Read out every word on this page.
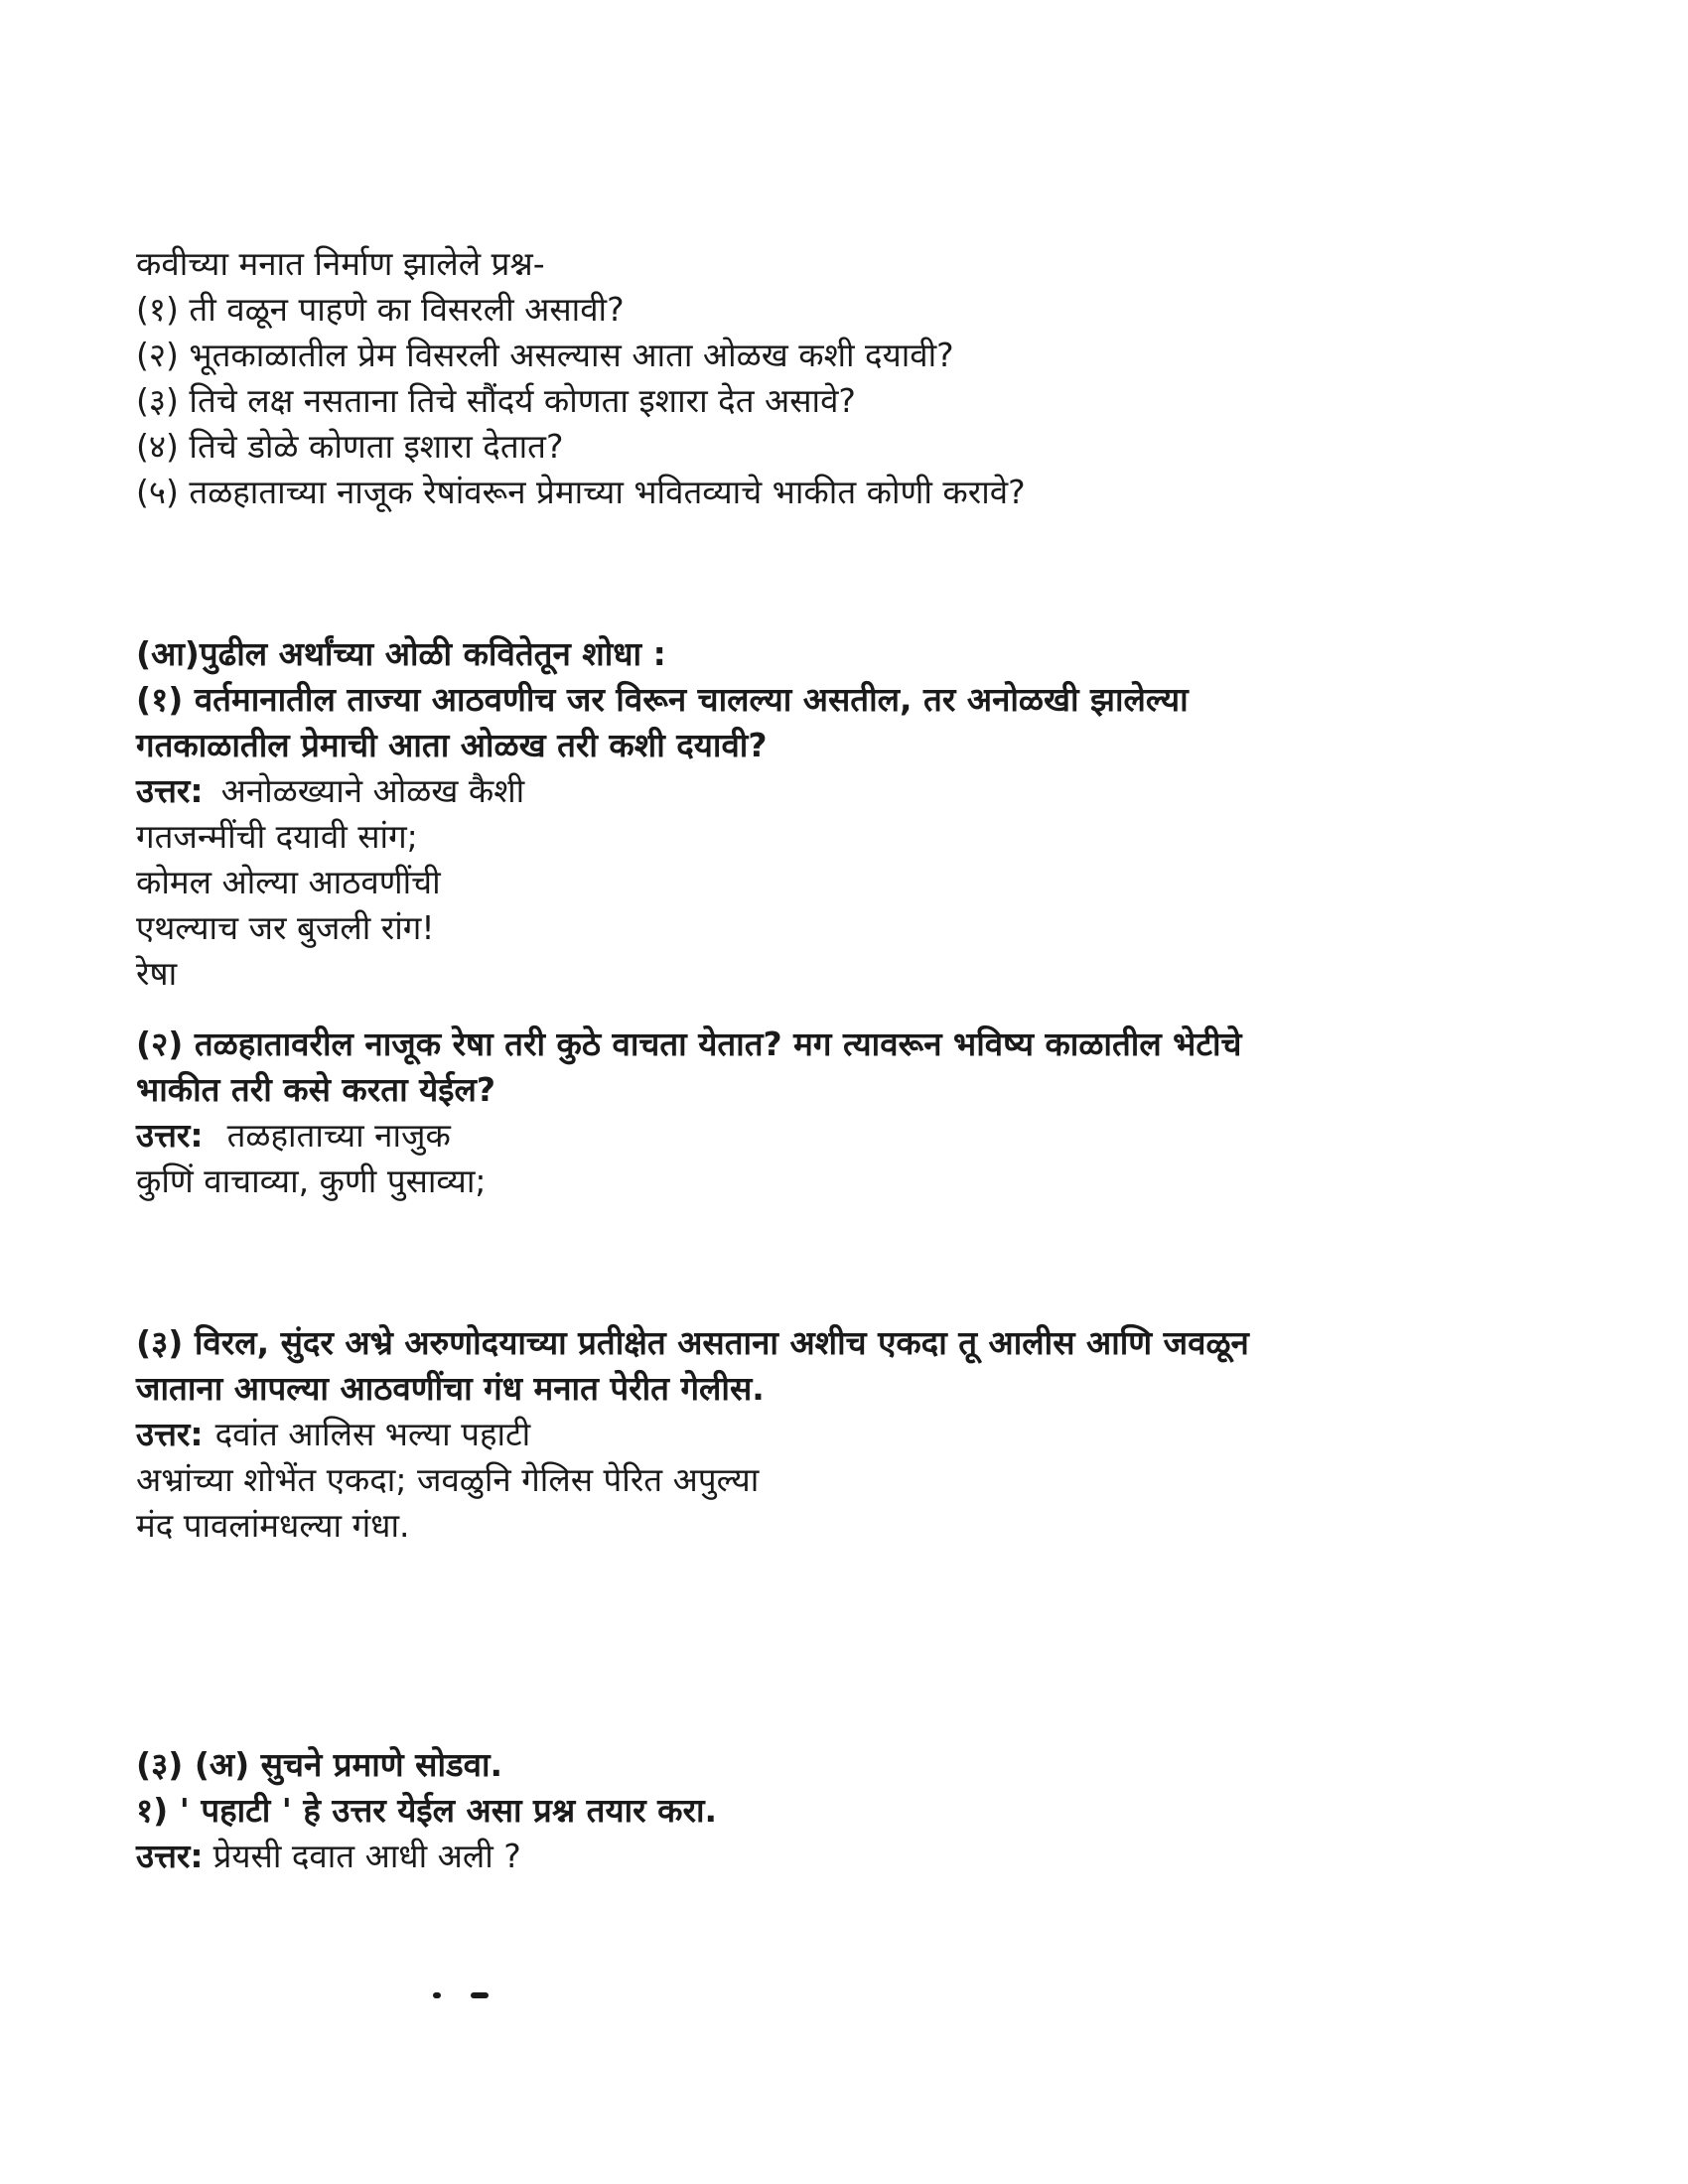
कवीच्या मनात निर्माण झालेले प्रश्न-
(१) ती वळून पाहणे का विसरली असावी?
(२) भूतकाळातील प्रेम विसरली असल्यास आता ओळख कशी दयावी?
(३) तिचे लक्ष नसताना तिचे सौंदर्य कोणता इशारा देत असावे?
(४) तिचे डोळे कोणता इशारा देतात?
(५) तळहाताच्या नाजूक रेषांवरून प्रेमाच्या भवितव्याचे भाकीत कोणी करावे?
(आ)पुढील अर्थांच्या ओळी कवितेतून शोधा :
(१) वर्तमानातील ताज्या आठवणीच जर विरून चालल्या असतील, तर अनोळखी झालेल्या
गतकाळातील प्रेमाची आता ओळख तरी कशी दयावी?
उत्तर: अनोळख्याने ओळख कैशी
गतजन्मींची दयावी सांग;
कोमल ओल्या आठवणींची
एथल्याच जर बुजली रांग!
रेषा
(२) तळहातावरील नाजूक रेषा तरी कुठे वाचता येतात? मग त्यावरून भविष्य काळातील भेटीचे
भाकीत तरी कसे करता येईल?
उत्तर: तळहाताच्या नाजुक
कुणिं वाचाव्या, कुणी पुसाव्या;
(३) विरल, सुंदर अभ्रे अरुणोदयाच्या प्रतीक्षेत असताना अशीच एकदा तू आलीस आणि जवळून
जाताना आपल्या आठवणींचा गंध मनात पेरीत गेलीस.
उत्तर: दवांत आलिस भल्या पहाटी
अभ्रांच्या शोभेंत एकदा; जवळुनि गेलिस पेरित अपुल्या
मंद पावलांमधल्या गंधा.
(३) (अ) सुचने प्रमाणे सोडवा.
१) ' पहाटी ' हे उत्तर येईल असा प्रश्न तयार करा.
उत्तर: प्रेयसी दवात आधी अली ?
